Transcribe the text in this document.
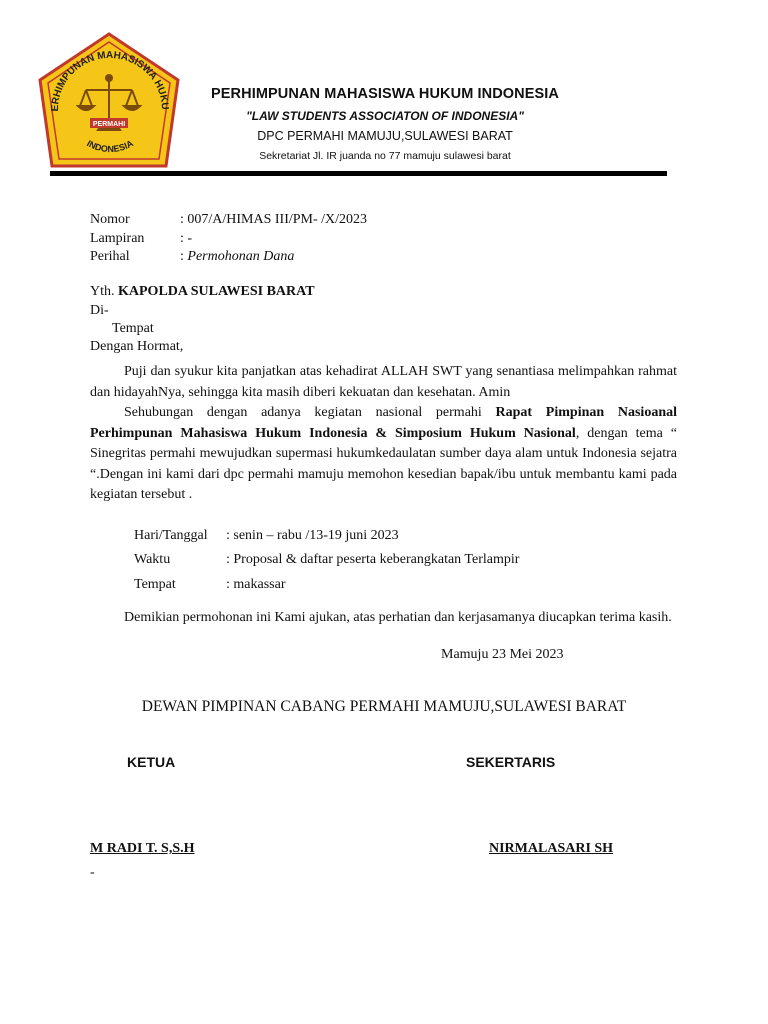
ERHIMPUNAN MAHASISWA HUKU
INDONESIA
PERMAHI
PERHIMPUNAN MAHASISWA HUKUM INDONESIA
"LAW STUDENTS ASSOCIATON OF INDONESIA"
DPC PERMAHI MAMUJU,SULAWESI BARAT
Sekretariat Jl. IR juanda no 77 mamuju sulawesi barat
Nomor	: 007/A/HIMAS III/PM- /X/2023
Lampiran	: -
Perihal	: Permohonan Dana
Yth. KAPOLDA SULAWESI BARAT
Di-
Tempat
Dengan Hormat,
Puji dan syukur kita panjatkan atas kehadirat ALLAH SWT yang senantiasa melimpahkan rahmat dan hidayahNya, sehingga kita masih diberi kekuatan dan kesehatan. Amin
Sehubungan dengan adanya kegiatan nasional permahi Rapat Pimpinan Nasioanal Perhimpunan Mahasiswa Hukum Indonesia & Simposium Hukum Nasional, dengan tema “ Sinegritas permahi mewujudkan supermasi hukumkedaulatan sumber daya alam untuk Indonesia sejatra “.Dengan ini kami dari dpc permahi mamuju memohon kesedian bapak/ibu untuk membantu kami pada kegiatan tersebut .
Hari/Tanggal : senin – rabu /13-19 juni 2023
Waktu	: Proposal & daftar peserta keberangkatan Terlampir
Tempat	: makassar
Demikian permohonan ini Kami ajukan, atas perhatian dan kerjasamanya diucapkan terima kasih.
Mamuju 23 Mei 2023
DEWAN PIMPINAN CABANG PERMAHI MAMUJU,SULAWESI BARAT
KETUA	SEKERTARIS
M RADI T. S,S.H	NIRMALASARI SH
-
